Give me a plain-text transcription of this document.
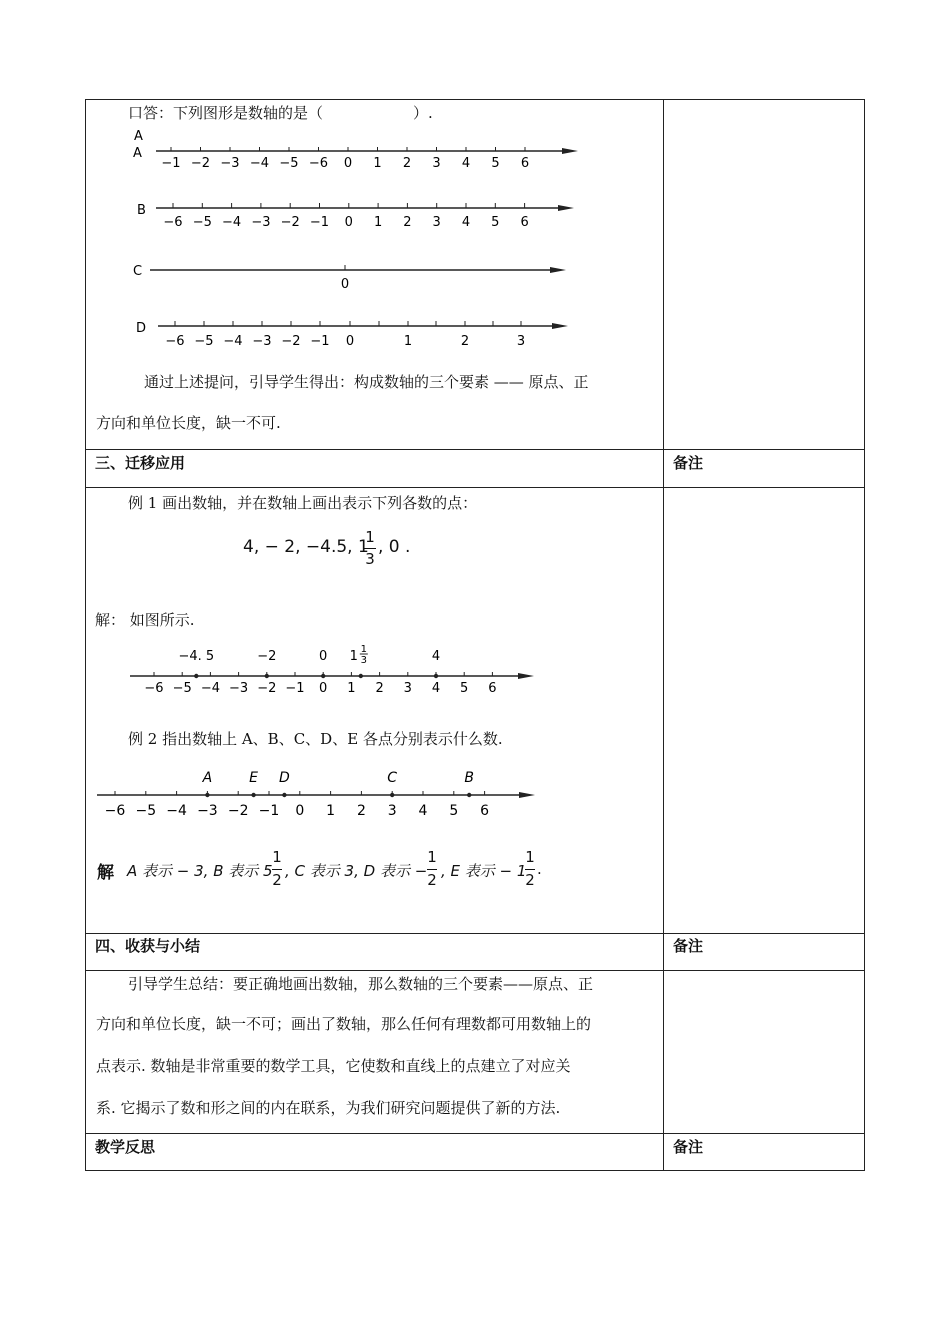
口答：下列图形是数轴的是（	）.
A
A
−1 −2 −3 −4 −5 −6 0 1 2 3 4 5 6
B
−6 −5 −4 −3 −2 −1 0 1 2 3 4 5 6
C
0
D
−6 −5 −4 −3 −2 −1 0	1	2	3
通过上述提问，引导学生得出：构成数轴的三个要素 —— 原点、正
方向和单位长度，缺一不可.
三、迁移应用	备注
例 1 画出数轴，并在数轴上画出表示下列各数的点：
4, − 2, −4.5, 1
1
3
, 0 .
解： 如图所示.
−6 −5 −4 −3 −2 −1 0 1 2 3 4 5 6
−4. 5	−2	0	4
1 1
3
例 2 指出数轴上 A、B、C、D、E 各点分别表示什么数.
−6 −5 −4 −3 −2 −1 0 1 2 3 4 5 6
A	E D	C	B
解 A 表示 − 3, B 表示 5
1
2 , C 表示 3, D 表示 −
1
2 , E 表示 − 1
1
2
.
四、收获与小结	备注
引导学生总结：要正确地画出数轴，那么数轴的三个要素——原点、正
方向和单位长度，缺一不可；画出了数轴，那么任何有理数都可用数轴上的
点表示. 数轴是非常重要的数学工具，它使数和直线上的点建立了对应关
系. 它揭示了数和形之间的内在联系，为我们研究问题提供了新的方法.
教学反思	备注
